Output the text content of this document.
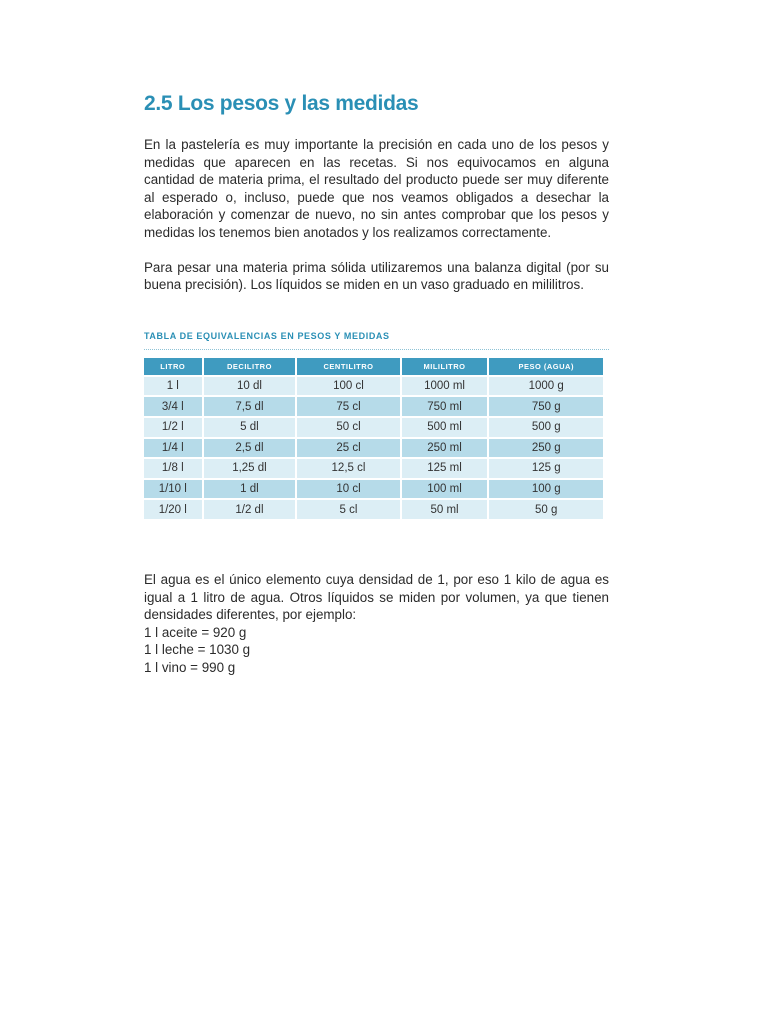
2.5 Los pesos y las medidas

En la pastelería es muy importante la precisión en cada uno de los pesos y medidas que aparecen en las recetas. Si nos equivocamos en alguna cantidad de materia prima, el resultado del producto puede ser muy diferente al esperado o, incluso, puede que nos veamos obligados a desechar la elaboración y comenzar de nuevo, no sin antes comprobar que los pesos y medidas los tenemos bien anotados y los realizamos correctamente.

Para pesar una materia prima sólida utilizaremos una balanza digital (por su buena precisión). Los líquidos se miden en un vaso graduado en mililitros.

TABLA DE EQUIVALENCIAS EN PESOS Y MEDIDAS
LITRO	DECILITRO	CENTILITRO	MILILITRO	PESO (AGUA)
1 l	10 dl	100 cl	1000 ml	1000 g
3/4 l	7,5 dl	75 cl	750 ml	750 g
1/2 l	5 dl	50 cl	500 ml	500 g
1/4 l	2,5 dl	25 cl	250 ml	250 g
1/8 l	1,25 dl	12,5 cl	125 ml	125 g
1/10 l	1 dl	10 cl	100 ml	100 g
1/20 l	1/2 dl	5 cl	50 ml	50 g

El agua es el único elemento cuya densidad de 1, por eso 1 kilo de agua es igual a 1 litro de agua. Otros líquidos se miden por volumen, ya que tienen densidades diferentes, por ejemplo:

1 l aceite = 920 g

1 l leche = 1030 g

1 l vino = 990 g
